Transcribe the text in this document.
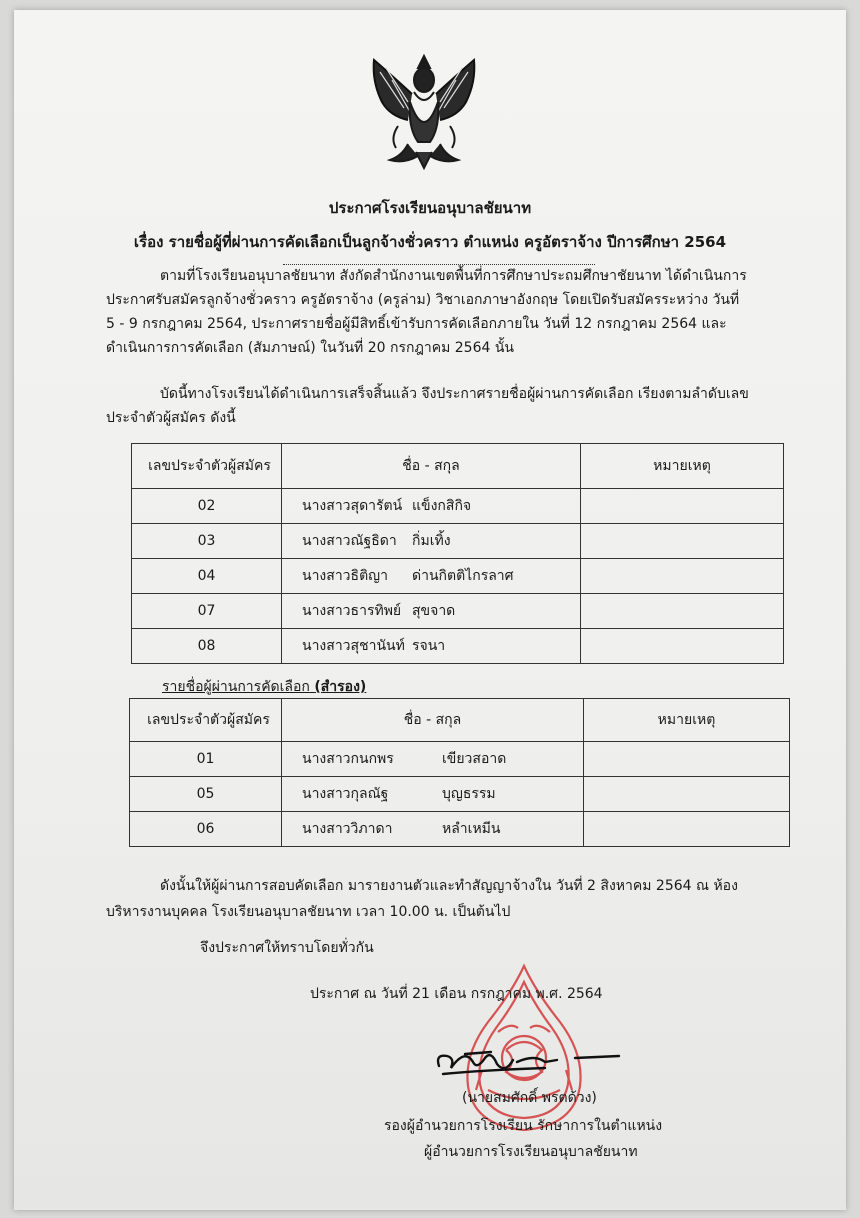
ประกาศโรงเรียนอนุบาลชัยนาท
เรื่อง รายชื่อผู้ที่ผ่านการคัดเลือกเป็นลูกจ้างชั่วคราว ตำแหน่ง ครูอัตราจ้าง ปีการศึกษา 2564
ตามที่โรงเรียนอนุบาลชัยนาท สังกัดสำนักงานเขตพื้นที่การศึกษาประถมศึกษาชัยนาท ได้ดำเนินการ
ประกาศรับสมัครลูกจ้างชั่วคราว ครูอัตราจ้าง (ครูล่าม) วิชาเอกภาษาอังกฤษ โดยเปิดรับสมัครระหว่าง วันที่
5 - 9 กรกฎาคม 2564, ประกาศรายชื่อผู้มีสิทธิ์เข้ารับการคัดเลือกภายใน วันที่ 12 กรกฎาคม 2564 และ
ดำเนินการการคัดเลือก (สัมภาษณ์) ในวันที่ 20 กรกฎาคม 2564 นั้น
บัดนี้ทางโรงเรียนได้ดำเนินการเสร็จสิ้นแล้ว จึงประกาศรายชื่อผู้ผ่านการคัดเลือก เรียงตามลำดับเลข
ประจำตัวผู้สมัคร ดังนี้
เลขประจำตัวผู้สมัคร	ชื่อ - สกุล	หมายเหตุ
02	นางสาวสุดารัตน์ แข็งกสิกิจ	
03	นางสาวณัฐธิดา กิ่มเทิ้ง	
04	นางสาวธิติญา ด่านกิตติไกรลาศ	
07	นางสาวธารทิพย์ สุขจาด	
08	นางสาวสุชานันท์ รจนา	
รายชื่อผู้ผ่านการคัดเลือก (สำรอง)
เลขประจำตัวผู้สมัคร	ชื่อ - สกุล	หมายเหตุ
01	นางสาวกนกพร เขียวสอาด	
05	นางสาวกุลณัฐ บุญธรรม	
06	นางสาววิภาดา หลำเหมีน	
ดังนั้นให้ผู้ผ่านการสอบคัดเลือก มารายงานตัวและทำสัญญาจ้างใน วันที่ 2 สิงหาคม 2564 ณ ห้อง
บริหารงานบุคคล โรงเรียนอนุบาลชัยนาท เวลา 10.00 น. เป็นต้นไป
จึงประกาศให้ทราบโดยทั่วกัน
ประกาศ ณ วันที่ 21 เดือน กรกฎาคม พ.ศ. 2564
(นายสมศักดิ์ พรตด้วง)
รองผู้อำนวยการโรงเรียน รักษาการในตำแหน่ง
ผู้อำนวยการโรงเรียนอนุบาลชัยนาท
